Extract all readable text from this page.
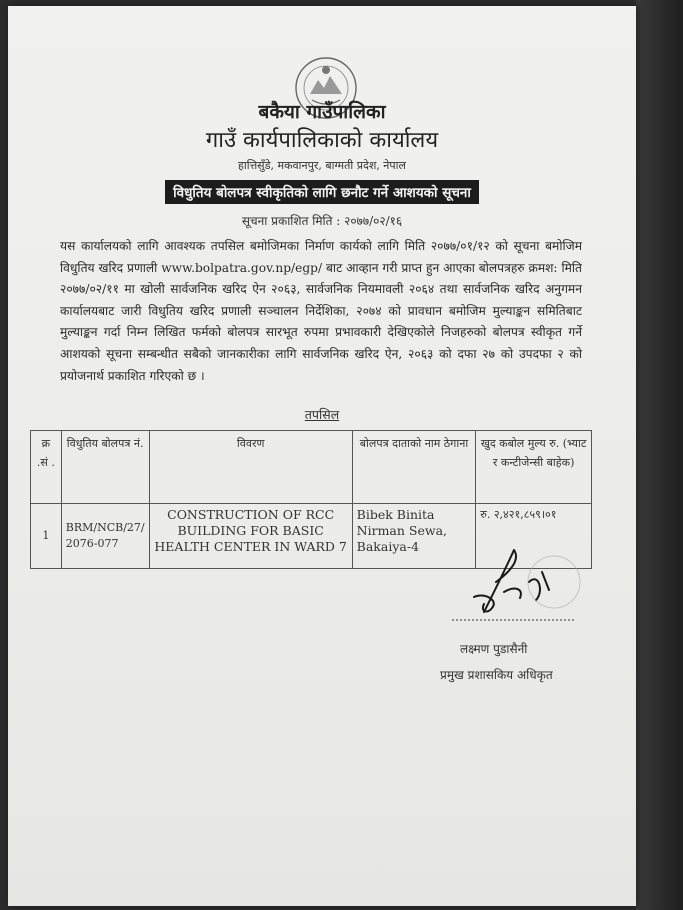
बकैया गाउँपालिका
गाउँ कार्यपालिकाको कार्यालय
हात्तिसुँडे, मकवानपुर, बाग्मती प्रदेश, नेपाल
विधुतिय बोलपत्र स्वीकृतिको लागि छनौट गर्ने आशयको सूचना
सूचना प्रकाशित मिति : २०७७/०२/१६
यस कार्यालयको लागि आवश्यक तपसिल बमोजिमका निर्माण कार्यको लागि मिति २०७७/०१/१२ को सूचना बमोजिम विधुतिय खरिद प्रणाली www.bolpatra.gov.np/egp/ बाट आव्हान गरी प्राप्त हुन आएका बोलपत्रहरु क्रमश: मिति २०७७/०२/११ मा खोली सार्वजनिक खरिद ऐन २०६३, सार्वजनिक नियमावली २०६४ तथा सार्वजनिक खरिद अनुगमन कार्यालयबाट जारी विधुतिय खरिद प्रणाली सञ्चालन निर्देशिका, २०७४ को प्रावधान बमोजिम मुल्याङ्कन समितिबाट मुल्याङ्कन गर्दा निम्न लिखित फर्मको बोलपत्र सारभूत रुपमा प्रभावकारी देखिएकोले निजहरुको बोलपत्र स्वीकृत गर्ने आशयको सूचना सम्बन्धीत सबैको जानकारीका लागि सार्वजनिक खरिद ऐन, २०६३ को दफा २७ को उपदफा २ को प्रयोजनार्थ प्रकाशित गरिएको छ ।
तपसिल
क्र .सं .	विधुतिय बोलपत्र नं.	विवरण	बोलपत्र दाताको नाम ठेगाना	खुद कबोल मुल्य रु. (भ्याट र कन्टीजेन्सी बाहेक)
1	BRM/NCB/27/ 2076-077	CONSTRUCTION OF RCC BUILDING FOR BASIC HEALTH CENTER IN WARD 7	Bibek Binita Nirman Sewa, Bakaiya-4	रु. २,४२१,८५९।०१
लक्ष्मण पुडासैनी
प्रमुख प्रशासकिय अधिकृत
